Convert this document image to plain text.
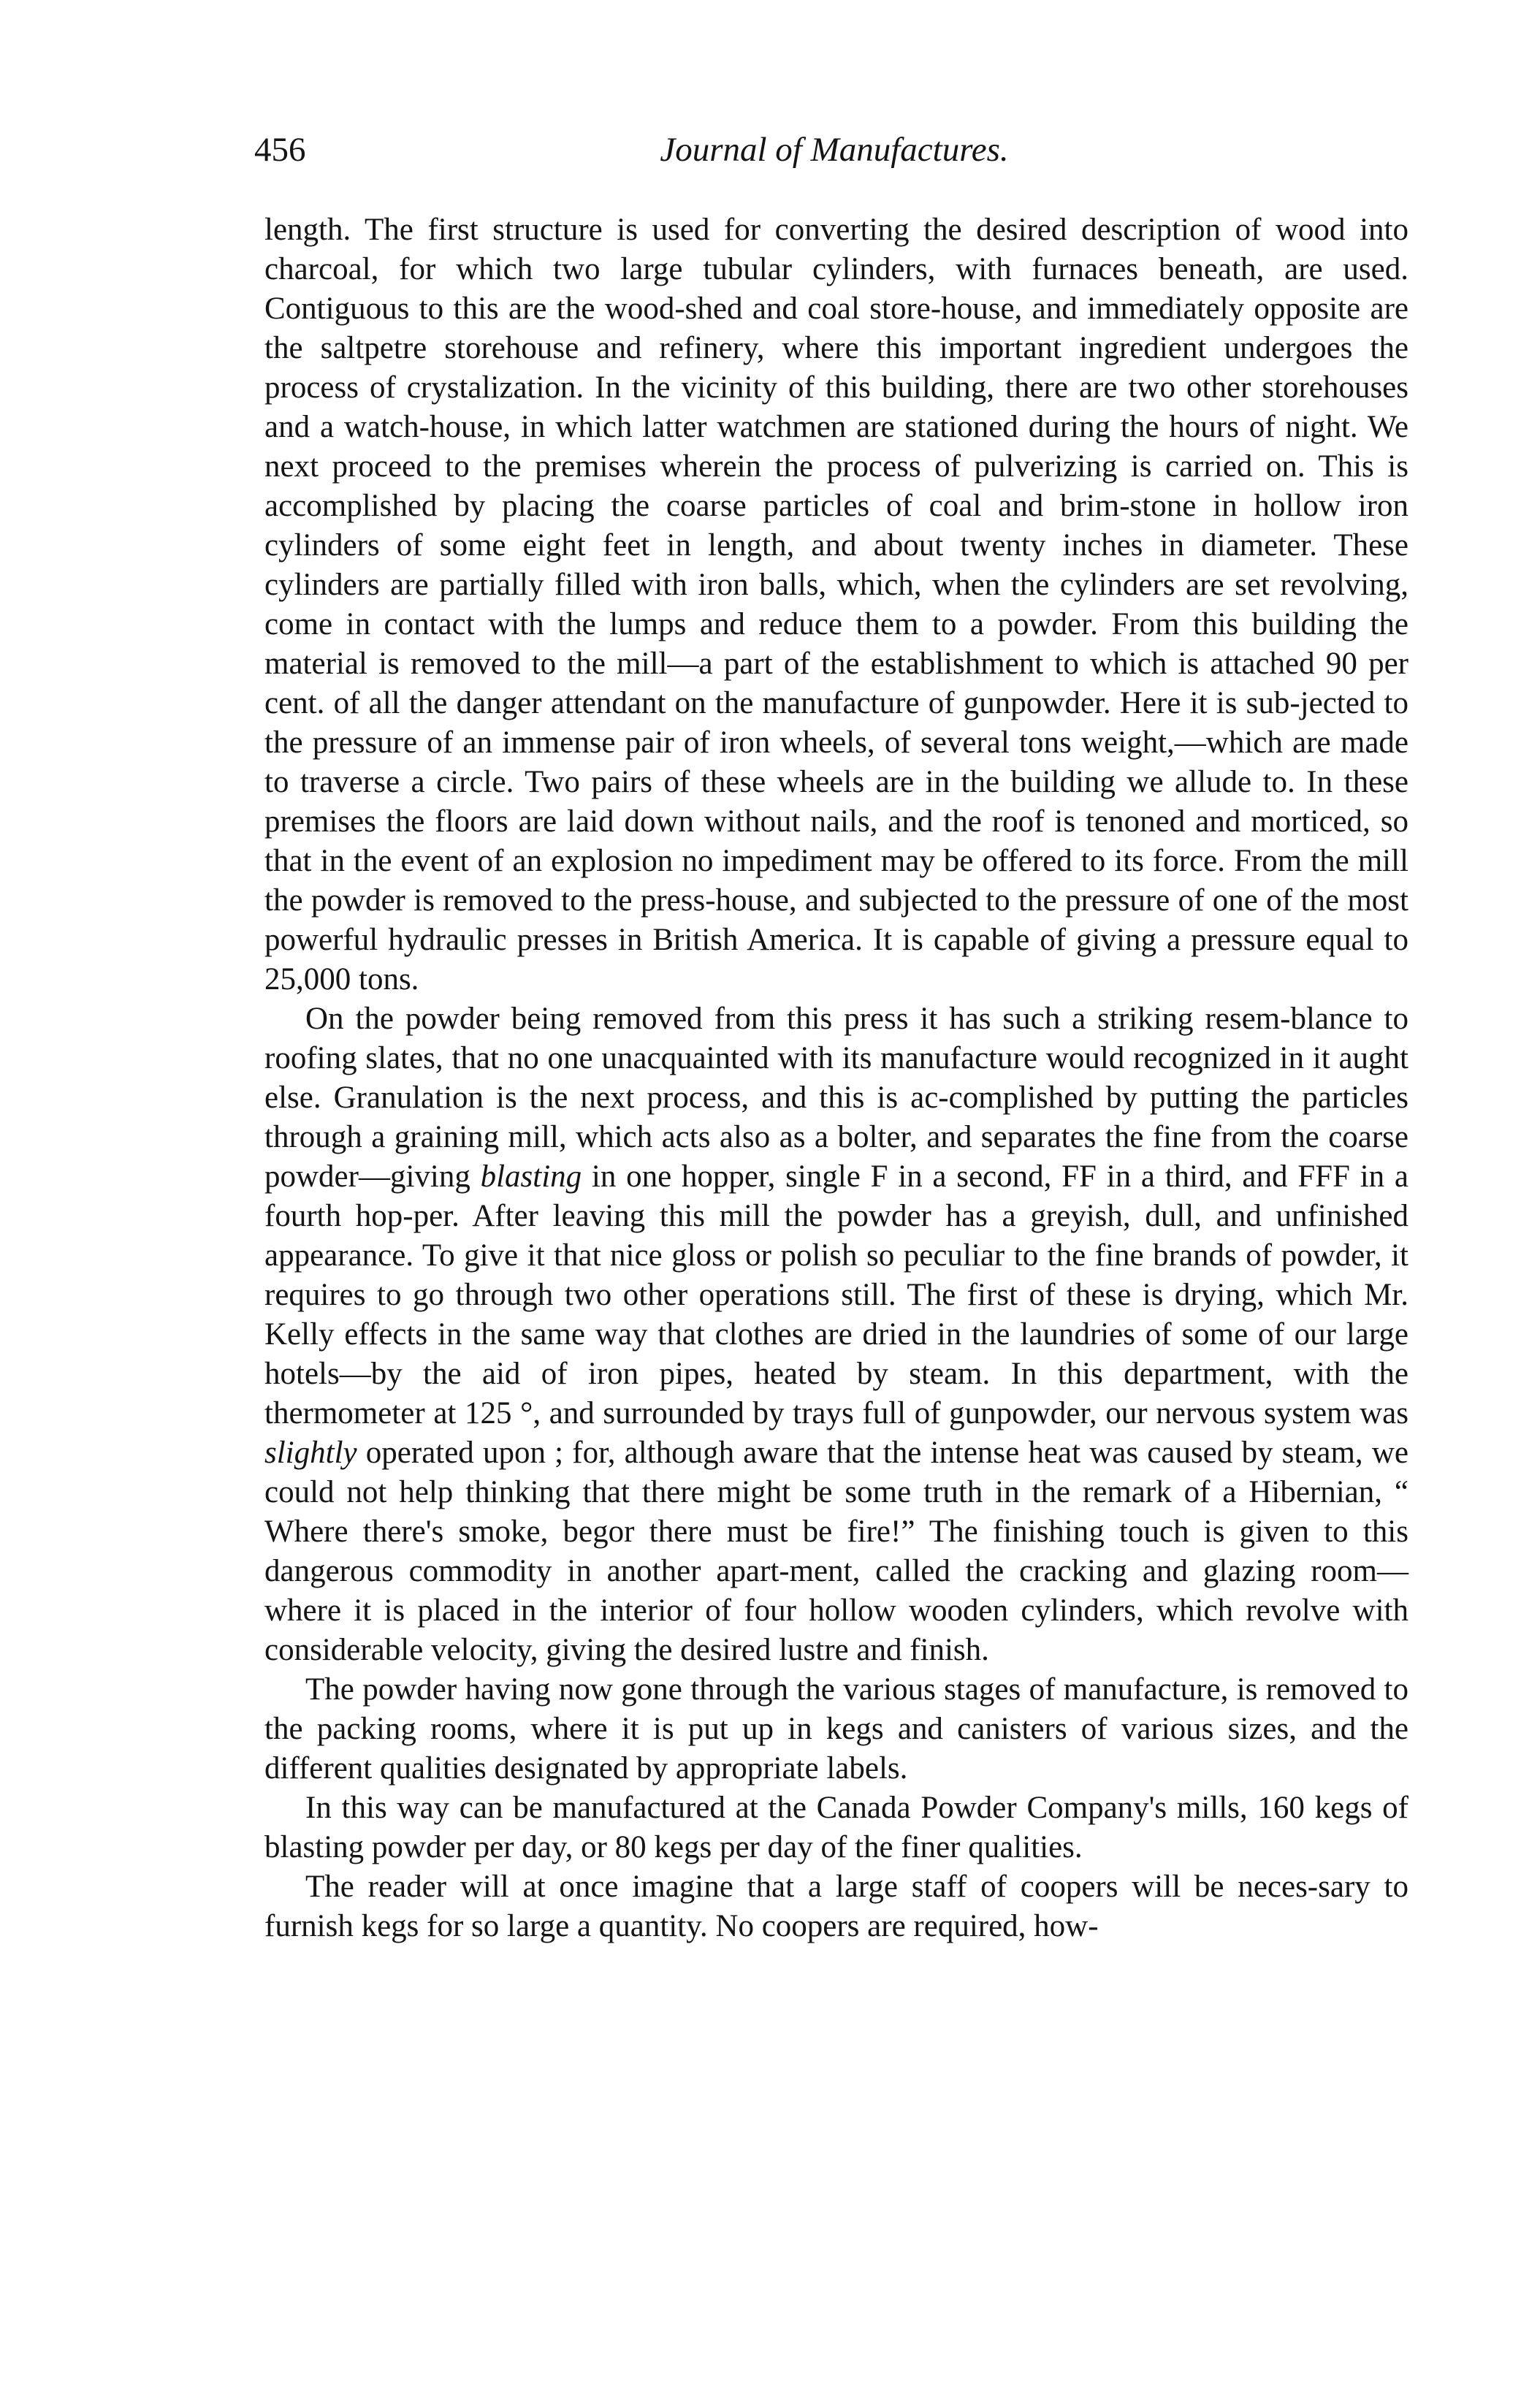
456	Journal of Manufactures.

length. The first structure is used for converting the desired description of wood into charcoal, for which two large tubular cylinders, with furnaces beneath, are used. Contiguous to this are the wood-shed and coal store-house, and immediately opposite are the saltpetre storehouse and refinery, where this important ingredient undergoes the process of crystalization. In the vicinity of this building, there are two other storehouses and a watch-house, in which latter watchmen are stationed during the hours of night. We next proceed to the premises wherein the process of pulverizing is carried on. This is accomplished by placing the coarse particles of coal and brim-stone in hollow iron cylinders of some eight feet in length, and about twenty inches in diameter. These cylinders are partially filled with iron balls, which, when the cylinders are set revolving, come in contact with the lumps and reduce them to a powder. From this building the material is removed to the mill—a part of the establishment to which is attached 90 per cent. of all the danger attendant on the manufacture of gunpowder. Here it is sub-jected to the pressure of an immense pair of iron wheels, of several tons weight,—which are made to traverse a circle. Two pairs of these wheels are in the building we allude to. In these premises the floors are laid down without nails, and the roof is tenoned and morticed, so that in the event of an explosion no impediment may be offered to its force. From the mill the powder is removed to the press-house, and subjected to the pressure of one of the most powerful hydraulic presses in British America. It is capable of giving a pressure equal to 25,000 tons.

On the powder being removed from this press it has such a striking resem-blance to roofing slates, that no one unacquainted with its manufacture would recognized in it aught else. Granulation is the next process, and this is ac-complished by putting the particles through a graining mill, which acts also as a bolter, and separates the fine from the coarse powder—giving blasting in one hopper, single F in a second, FF in a third, and FFF in a fourth hop-per. After leaving this mill the powder has a greyish, dull, and unfinished appearance. To give it that nice gloss or polish so peculiar to the fine brands of powder, it requires to go through two other operations still. The first of these is drying, which Mr. Kelly effects in the same way that clothes are dried in the laundries of some of our large hotels—by the aid of iron pipes, heated by steam. In this department, with the thermometer at 125 °, and surrounded by trays full of gunpowder, our nervous system was slightly operated upon ; for, although aware that the intense heat was caused by steam, we could not help thinking that there might be some truth in the remark of a Hibernian, “ Where there's smoke, begor there must be fire!” The finishing touch is given to this dangerous commodity in another apart-ment, called the cracking and glazing room—where it is placed in the interior of four hollow wooden cylinders, which revolve with considerable velocity, giving the desired lustre and finish.

The powder having now gone through the various stages of manufacture, is removed to the packing rooms, where it is put up in kegs and canisters of various sizes, and the different qualities designated by appropriate labels.

In this way can be manufactured at the Canada Powder Company's mills, 160 kegs of blasting powder per day, or 80 kegs per day of the finer qualities.

The reader will at once imagine that a large staff of coopers will be neces-sary to furnish kegs for so large a quantity. No coopers are required, how-
